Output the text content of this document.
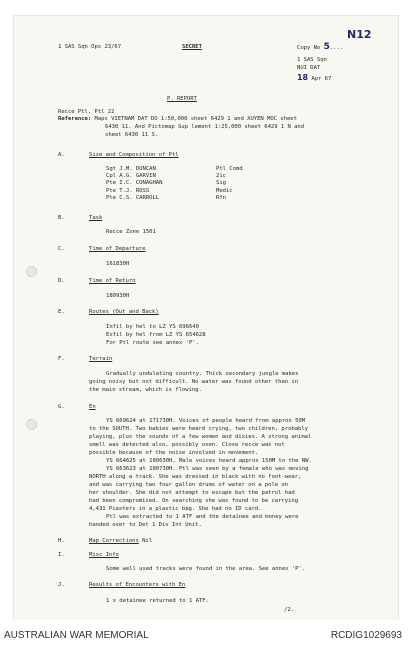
1 SAS Sqn Ops 23/67	SECRET	Copy No 5....
N12
1 SAS Sqn
NUI DAT
18 Apr 67
P. REPORT
Recce Ptl, Ptl 22
Reference: Maps VIETNAM DAT DO 1:50,000 sheet 6429 1 and XUYEN MOC sheet
6430 11. And Pictomap Sup lement 1:25,000 sheet 6429 1 N and
sheet 6430 11 S.
A.	Size and Composition of Ptl
Sgt J.M. DUNCAN	Ptl Comd
Cpl A.G. GARVIN	2ic
Pte I.C. CONAGHAN	Sig
Pte T.J. ROSS	Medic
Pte C.S. CARROLL	Rfn
B.	Task
Recce Zone 1501
C.	Time of Departure
161830H
D.	Time of Return
180930H
E.	Routes (Out and Back)
Infil by hel to LZ YS 696640
Exfil by hel from LZ YS 654628
For Ptl route see annex 'P'.
F.	Terrain
Gradually undulating country. Thick secondary jungle makes
going noisy but not difficult. No water was found other than in
the main stream, which is flowing.
G.	En
YS 669624 at 171730H. Voices of people heard from approx 50M
to the SOUTH. Two babies were heard crying, two children, probably
playing, plus the sounds of a few women and dixies. A strong animal
smell was detected also, possibly oxen. Close recce was not
possible because of the noise involved in movement.
YS 664625 at 180630H, Male voices heard approx 150M to the NW.
YS 663623 at 180730H. Ptl was seen by a female who was moving
NORTH along a track. She was dressed in black with no foot-wear,
and was carrying two four gallon drums of water on a pole on
her shoulder. She did not attempt to escape but the patrol had
had been compromised. On searching she was found to be carrying
4,431 Piasters in a plastic bag. She had no ID card.
Ptl was extracted to 1 ATF and the detainee and money were
handed over to Det 1 Div Int Unit.
H.	Map Corrections Nil
I.	Misc Info
Some well used tracks were found in the area. See annex 'P'.
J.	Results of Encounters with En
1 x detainee returned to 1 ATF.
/2.
AUSTRALIAN WAR MEMORIAL	RCDIG1029693
